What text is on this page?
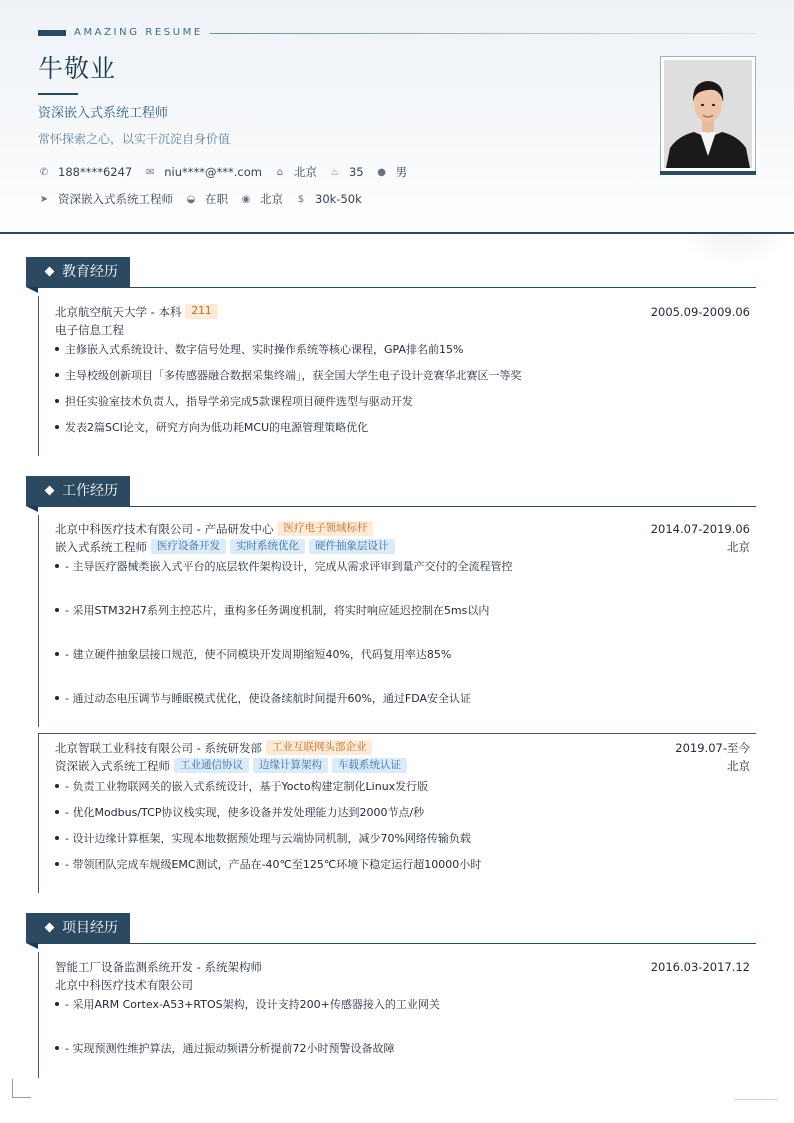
AMAZING RESUME
牛敬业
资深嵌入式系统工程师
常怀探索之心，以实干沉淀自身价值
✆ 188****6247 ✉ niu****@***.com ⌂ 北京 ♨ 35 ● 男
➤ 资深嵌入式系统工程师 ◒ 在职 ◉ 北京 $ 30k-50k
教育经历
北京航空航天大学 - 本科 211	2005.09-2009.06
电子信息工程
主修嵌入式系统设计、数字信号处理、实时操作系统等核心课程，GPA排名前15%
主导校级创新项目「多传感器融合数据采集终端」，获全国大学生电子设计竞赛华北赛区一等奖
担任实验室技术负责人，指导学弟完成5款课程项目硬件选型与驱动开发
发表2篇SCI论文，研究方向为低功耗MCU的电源管理策略优化
工作经历
北京中科医疗技术有限公司 - 产品研发中心 医疗电子领域标杆	2014.07-2019.06
嵌入式系统工程师 医疗设备开发 实时系统优化 硬件抽象层设计	北京
- 主导医疗器械类嵌入式平台的底层软件架构设计，完成从需求评审到量产交付的全流程管控
- 采用STM32H7系列主控芯片，重构多任务调度机制，将实时响应延迟控制在5ms以内
- 建立硬件抽象层接口规范，使不同模块开发周期缩短40%，代码复用率达85%
- 通过动态电压调节与睡眠模式优化，使设备续航时间提升60%，通过FDA安全认证
北京智联工业科技有限公司 - 系统研发部 工业互联网头部企业	2019.07-至今
资深嵌入式系统工程师 工业通信协议 边缘计算架构 车载系统认证	北京
- 负责工业物联网关的嵌入式系统设计，基于Yocto构建定制化Linux发行版
- 优化Modbus/TCP协议栈实现，使多设备并发处理能力达到2000节点/秒
- 设计边缘计算框架，实现本地数据预处理与云端协同机制，减少70%网络传输负载
- 带领团队完成车规级EMC测试，产品在-40℃至125℃环境下稳定运行超10000小时
项目经历
智能工厂设备监测系统开发 - 系统架构师	2016.03-2017.12
北京中科医疗技术有限公司
- 采用ARM Cortex-A53+RTOS架构，设计支持200+传感器接入的工业网关
- 实现预测性维护算法，通过振动频谱分析提前72小时预警设备故障
